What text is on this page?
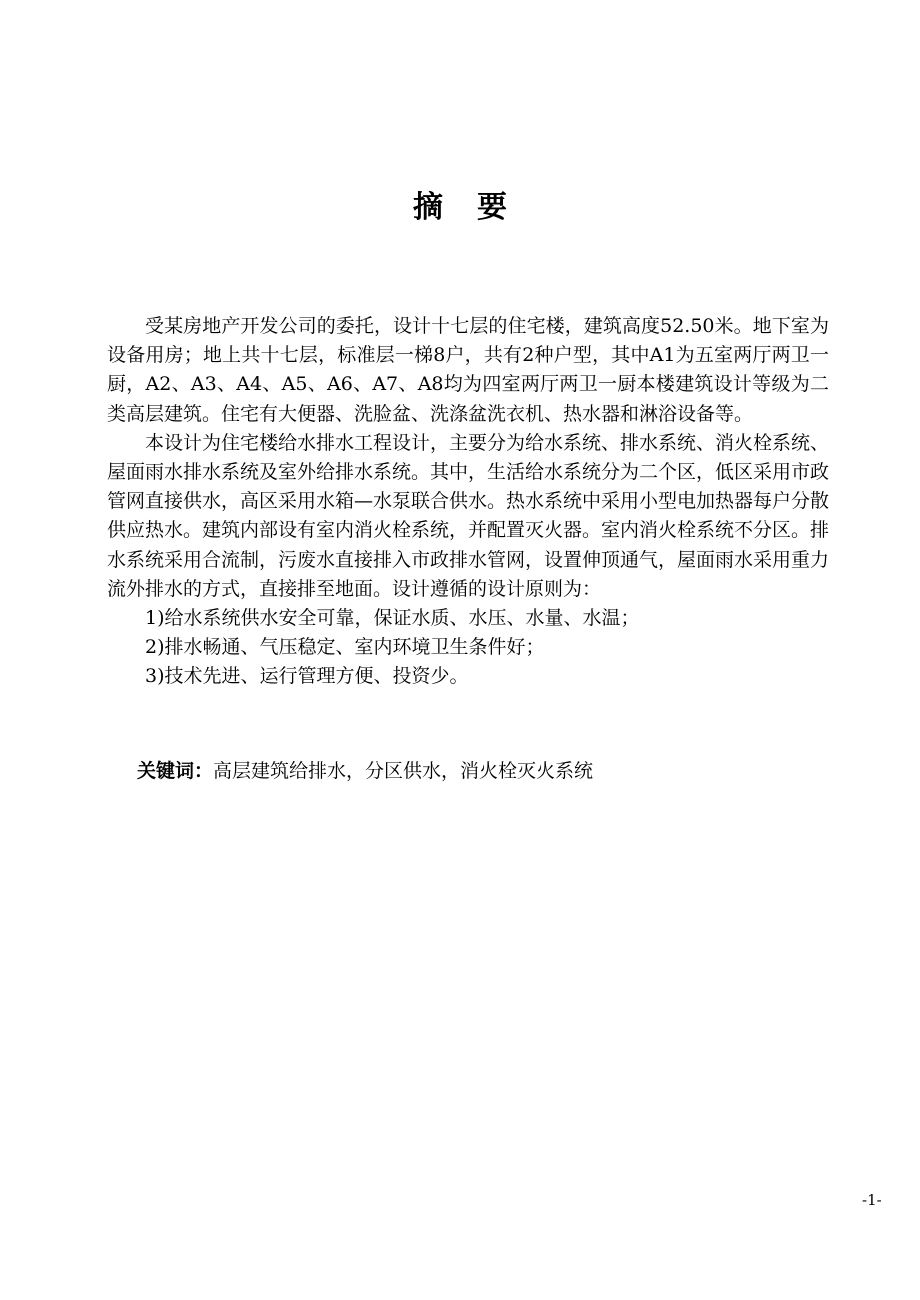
摘要

受某房地产开发公司的委托，设计十七层的住宅楼，建筑高度52.50米。地下室为设备用房；地上共十七层，标准层一梯8户，共有2种户型，其中A1为五室两厅两卫一厨，A2、A3、A4、A5、A6、A7、A8均为四室两厅两卫一厨本楼建筑设计等级为二类高层建筑。住宅有大便器、洗脸盆、洗涤盆洗衣机、热水器和淋浴设备等。

本设计为住宅楼给水排水工程设计，主要分为给水系统、排水系统、消火栓系统、屋面雨水排水系统及室外给排水系统。其中，生活给水系统分为二个区，低区采用市政管网直接供水，高区采用水箱—水泵联合供水。热水系统中采用小型电加热器每户分散供应热水。建筑内部设有室内消火栓系统，并配置灭火器。室内消火栓系统不分区。排水系统采用合流制，污废水直接排入市政排水管网，设置伸顶通气，屋面雨水采用重力流外排水的方式，直接排至地面。设计遵循的设计原则为：

1)给水系统供水安全可靠，保证水质、水压、水量、水温；

2)排水畅通、气压稳定、室内环境卫生条件好；

3)技术先进、运行管理方便、投资少。

关键词：高层建筑给排水，分区供水，消火栓灭火系统
-1-
